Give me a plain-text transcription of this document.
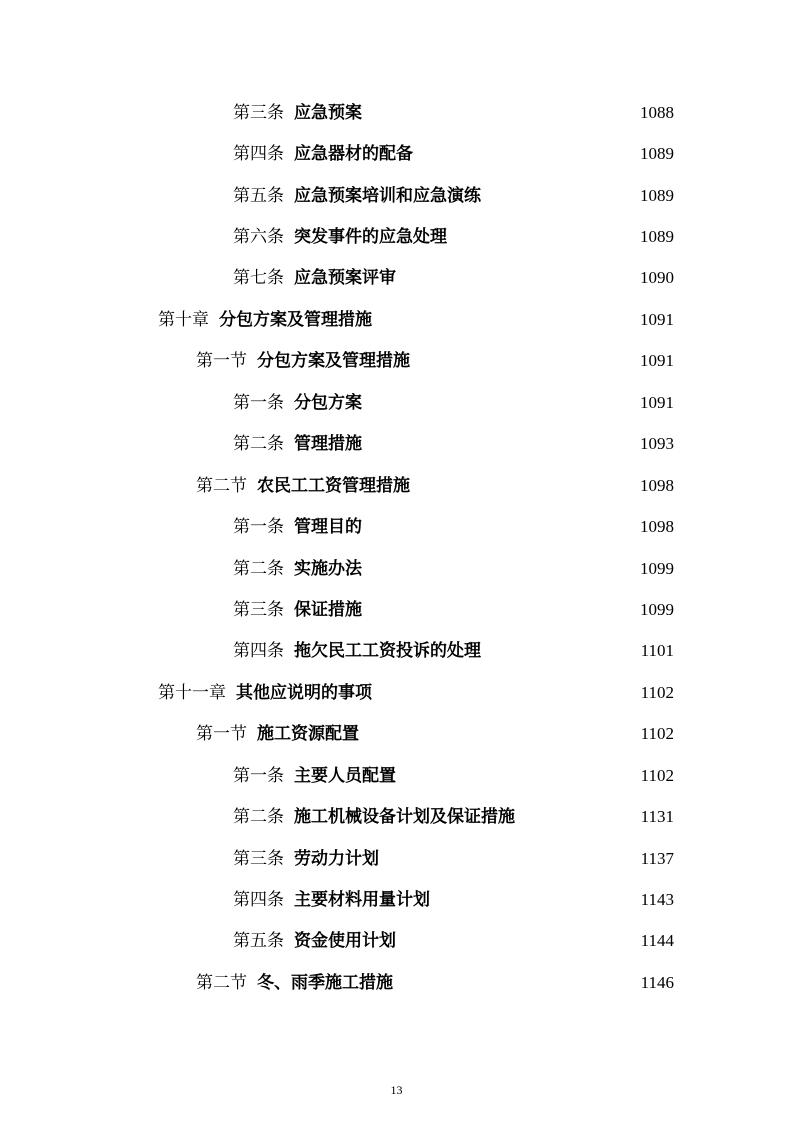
第三条 应急预案	1088
第四条 应急器材的配备	1089
第五条 应急预案培训和应急演练	1089
第六条 突发事件的应急处理	1089
第七条 应急预案评审	1090
第十章 分包方案及管理措施	1091
第一节 分包方案及管理措施	1091
第一条 分包方案	1091
第二条 管理措施	1093
第二节 农民工工资管理措施	1098
第一条 管理目的	1098
第二条 实施办法	1099
第三条 保证措施	1099
第四条 拖欠民工工资投诉的处理	1101
第十一章 其他应说明的事项	1102
第一节 施工资源配置	1102
第一条 主要人员配置	1102
第二条 施工机械设备计划及保证措施	1131
第三条 劳动力计划	1137
第四条 主要材料用量计划	1143
第五条 资金使用计划	1144
第二节 冬、雨季施工措施	1146
13
